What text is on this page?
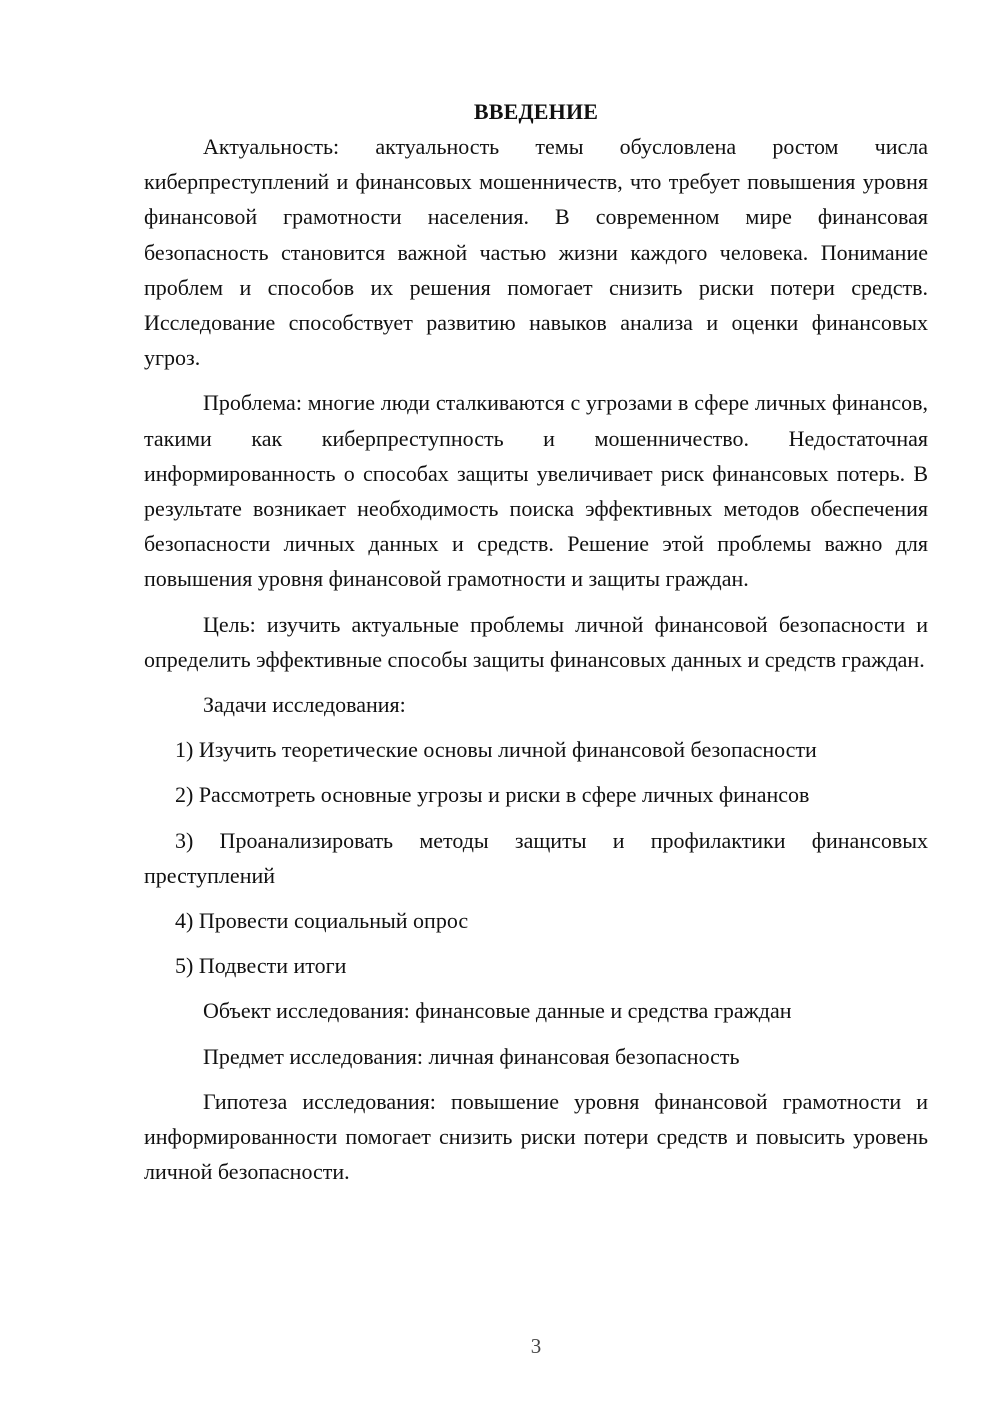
ВВЕДЕНИЕ

Актуальность: актуальность темы обусловлена ростом числа киберпреступлений и финансовых мошенничеств, что требует повышения уровня финансовой грамотности населения. В современном мире финансовая безопасность становится важной частью жизни каждого человека. Понимание проблем и способов их решения помогает снизить риски потери средств. Исследование способствует развитию навыков анализа и оценки финансовых угроз.

Проблема: многие люди сталкиваются с угрозами в сфере личных финансов, такими как киберпреступность и мошенничество. Недостаточная информированность о способах защиты увеличивает риск финансовых потерь. В результате возникает необходимость поиска эффективных методов обеспечения безопасности личных данных и средств. Решение этой проблемы важно для повышения уровня финансовой грамотности и защиты граждан.

Цель: изучить актуальные проблемы личной финансовой безопасности и определить эффективные способы защиты финансовых данных и средств граждан.

Задачи исследования:

1) Изучить теоретические основы личной финансовой безопасности

2) Рассмотреть основные угрозы и риски в сфере личных финансов

3) Проанализировать методы защиты и профилактики финансовых преступлений

4) Провести социальный опрос

5) Подвести итоги

Объект исследования: финансовые данные и средства граждан

Предмет исследования: личная финансовая безопасность

Гипотеза исследования: повышение уровня финансовой грамотности и информированности помогает снизить риски потери средств и повысить уровень личной безопасности.

3
